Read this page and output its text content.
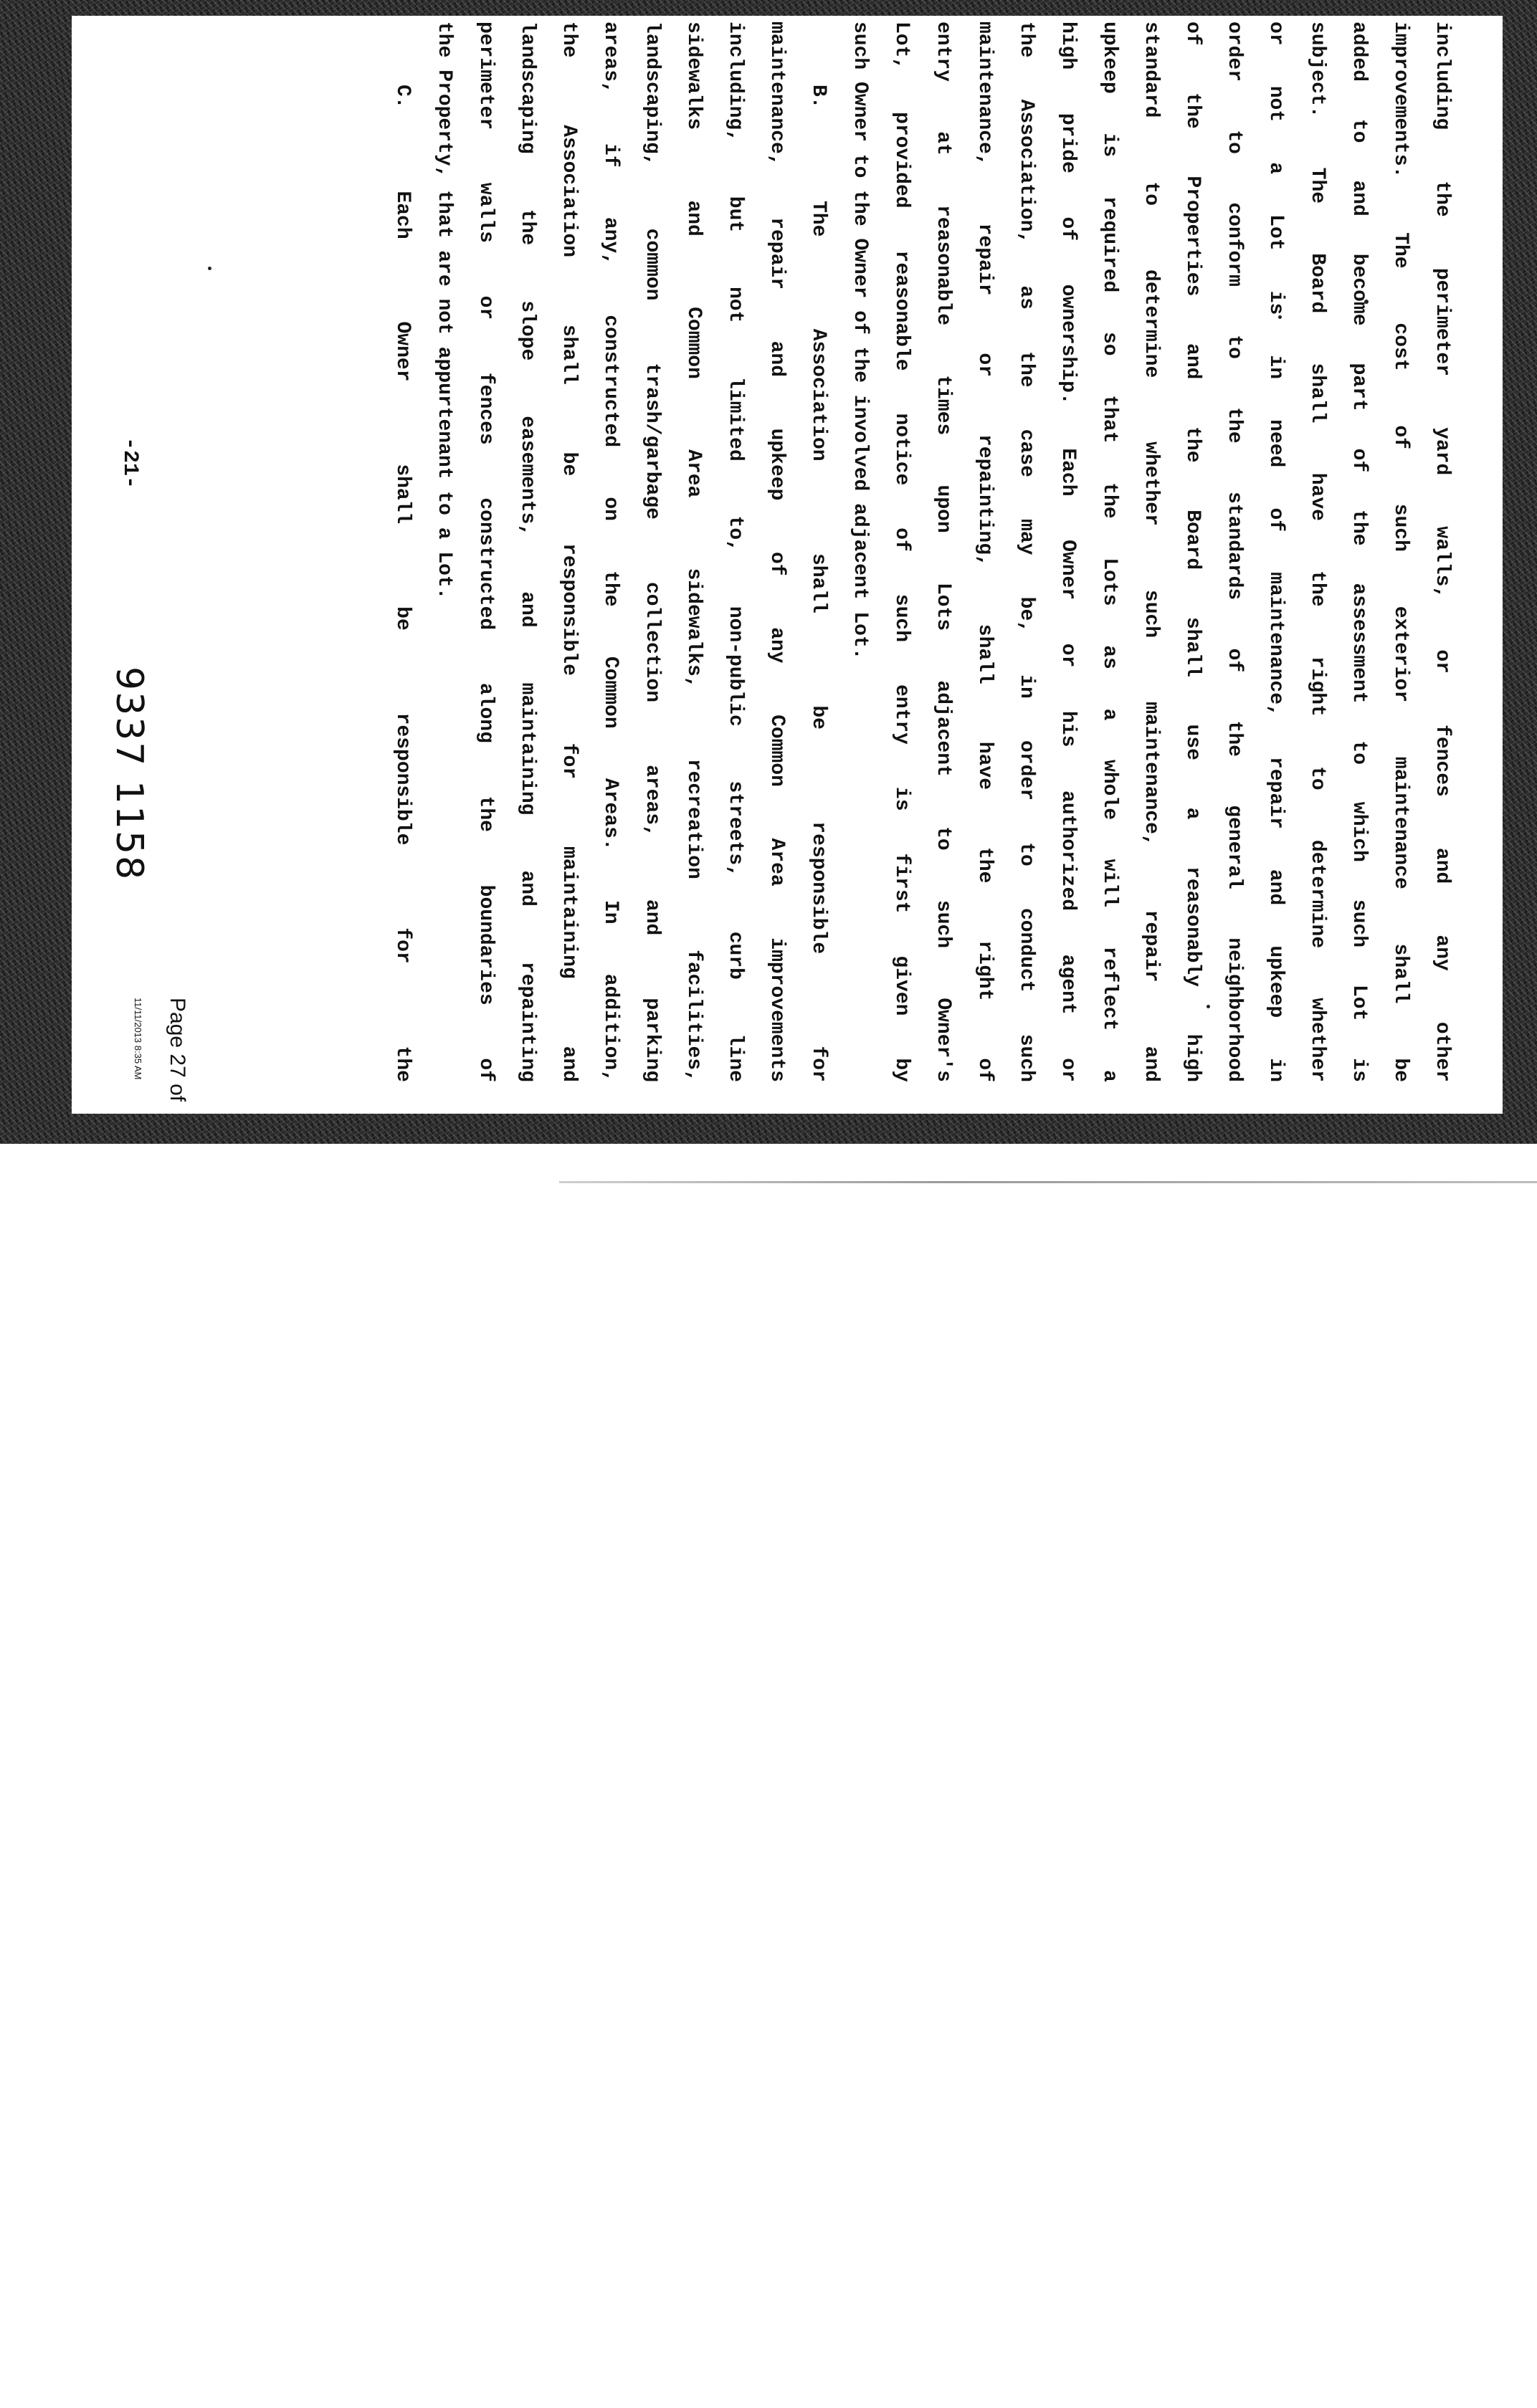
including
the
perimeter
yard
walls,
or
fences
and
any
other
improvements.
The
cost
of
such
exterior
maintenance
shall
be
added
to
and
become
part
of
the
assessment
to
which
such
Lot
is
subject.
The
Board
shall
have
the
right
to
determine
whether
or
not
a
Lot
is
in
need
of
maintenance,
repair
and
upkeep
in
order
to
conform
to
the
standards
of
the
general
neighborhood
of
the
Properties
and
the
Board
shall
use
a
reasonably
high
standard
to
determine
whether
such
maintenance,
repair
and
upkeep
is
required
so
that
the
Lots
as
a
whole
will
reflect
a
high
pride
of
ownership.
Each
Owner
or
his
authorized
agent
or
the
Association,
as
the
case
may
be,
in
order
to
conduct
such
maintenance,
repair
or
repainting,
shall
have
the
right
of
entry
at
reasonable
times
upon
Lots
adjacent
to
such
Owner's
Lot,
provided
reasonable
notice
of
such
entry
is
first
given
by
such Owner to the Owner of the involved adjacent Lot.
B.
The
Association
shall
be
responsible
for
maintenance,
repair
and
upkeep
of
any
Common
Area
improvements
including,
but
not
limited
to,
non-public
streets,
curb
line
sidewalks
and
Common
Area
sidewalks,
recreation
facilities,
landscaping,
common
trash/garbage
collection
areas,
and
parking
areas,
if
any,
constructed
on
the
Common
Areas.
In
addition,
the
Association
shall
be
responsible
for
maintaining
and
landscaping
the
slope
easements,
and
maintaining
and
repainting
perimeter
walls
or
fences
constructed
along
the
boundaries
of
the Property, that are not appurtenant to a Lot.
C.
Each
Owner
shall
be
responsible
for
the
-21-
9337 1158
Page 27 of
11/11/2013 8:35 AM
